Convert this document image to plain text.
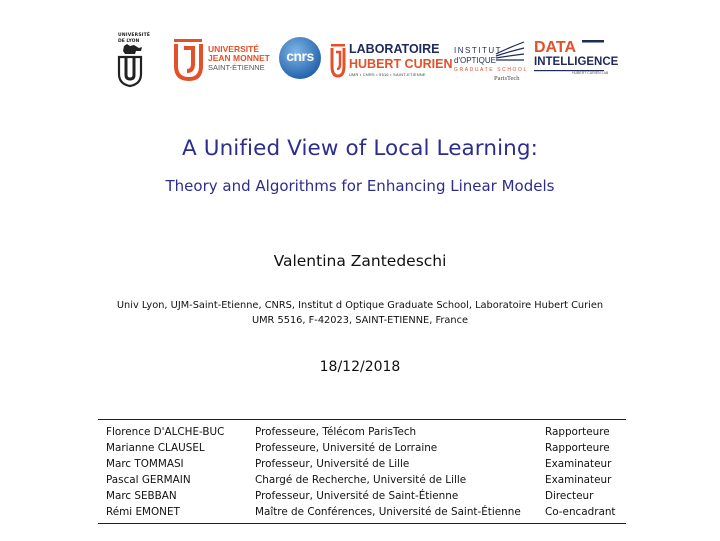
UNIVERSITÉ
DE LYON
UNIVERSITÉ
JEAN MONNET
SAINT-ÉTIENNE
cnrs	LABORATOIRE
HUBERT CURIEN
UMR • CNRS • 5516 • SAINT-ETIENNE
INSTITUT
d'OPTIQUE
GRADUATE SCHOOL
ParisTech
DATA
INTELLIGENCE
HUBERT CURIEN LAB
A Unified View of Local Learning:
Theory and Algorithms for Enhancing Linear Models
Valentina Zantedeschi
Univ Lyon, UJM-Saint-Etienne, CNRS, Institut d Optique Graduate School, Laboratoire Hubert Curien
UMR 5516, F-42023, SAINT-ETIENNE, France
18/12/2018
Florence D'ALCHE-BUC	Professeure, Télécom ParisTech	Rapporteure
Marianne CLAUSEL	Professeure, Université de Lorraine	Rapporteure
Marc TOMMASI	Professeur, Université de Lille	Examinateur
Pascal GERMAIN	Chargé de Recherche, Université de Lille	Examinateur
Marc SEBBAN	Professeur, Université de Saint-Étienne	Directeur
Rémi EMONET	Maître de Conférences, Université de Saint-Étienne	Co-encadrant
